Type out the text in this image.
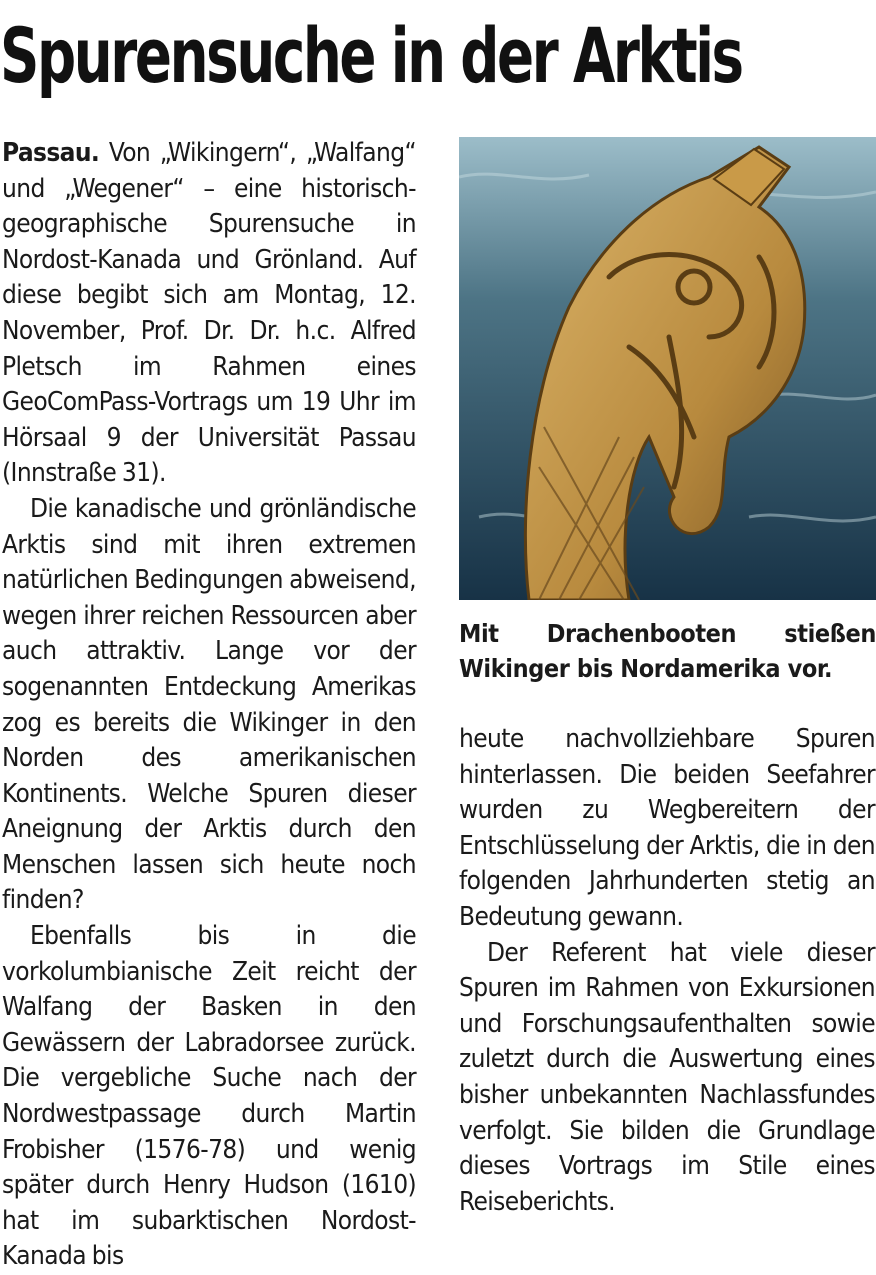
Spurensuche in der Arktis

Passau. Von „Wikingern“, „Walfang“ und „Wegener“ – eine historisch-geographische Spurensuche in Nordost-Kanada und Grönland. Auf diese begibt sich am Montag, 12. November, Prof. Dr. Dr. h.c. Alfred Pletsch im Rahmen eines GeoComPass-Vortrags um 19 Uhr im Hörsaal 9 der Universität Passau (Innstraße 31).

Die kanadische und grönländische Arktis sind mit ihren extremen natürlichen Bedingungen abweisend, wegen ihrer reichen Ressourcen aber auch attraktiv. Lange vor der sogenannten Entdeckung Amerikas zog es bereits die Wikinger in den Norden des amerikanischen Kontinents. Welche Spuren dieser Aneignung der Arktis durch den Menschen lassen sich heute noch finden?

Ebenfalls bis in die vorkolumbianische Zeit reicht der Walfang der Basken in den Gewässern der Labradorsee zurück. Die vergebliche Suche nach der Nordwestpassage durch Martin Frobisher (1576-78) und wenig später durch Henry Hudson (1610) hat im subarktischen Nordost-Kanada bis

Mit Drachenbooten stießen Wikinger bis Nordamerika vor.

heute nachvollziehbare Spuren hinterlassen. Die beiden Seefahrer wurden zu Wegbereitern der Entschlüsselung der Arktis, die in den folgenden Jahrhunderten stetig an Bedeutung gewann.

Der Referent hat viele dieser Spuren im Rahmen von Exkursionen und Forschungsaufenthalten sowie zuletzt durch die Auswertung eines bisher unbekannten Nachlassfundes verfolgt. Sie bilden die Grundlage dieses Vortrags im Stile eines Reiseberichts.
